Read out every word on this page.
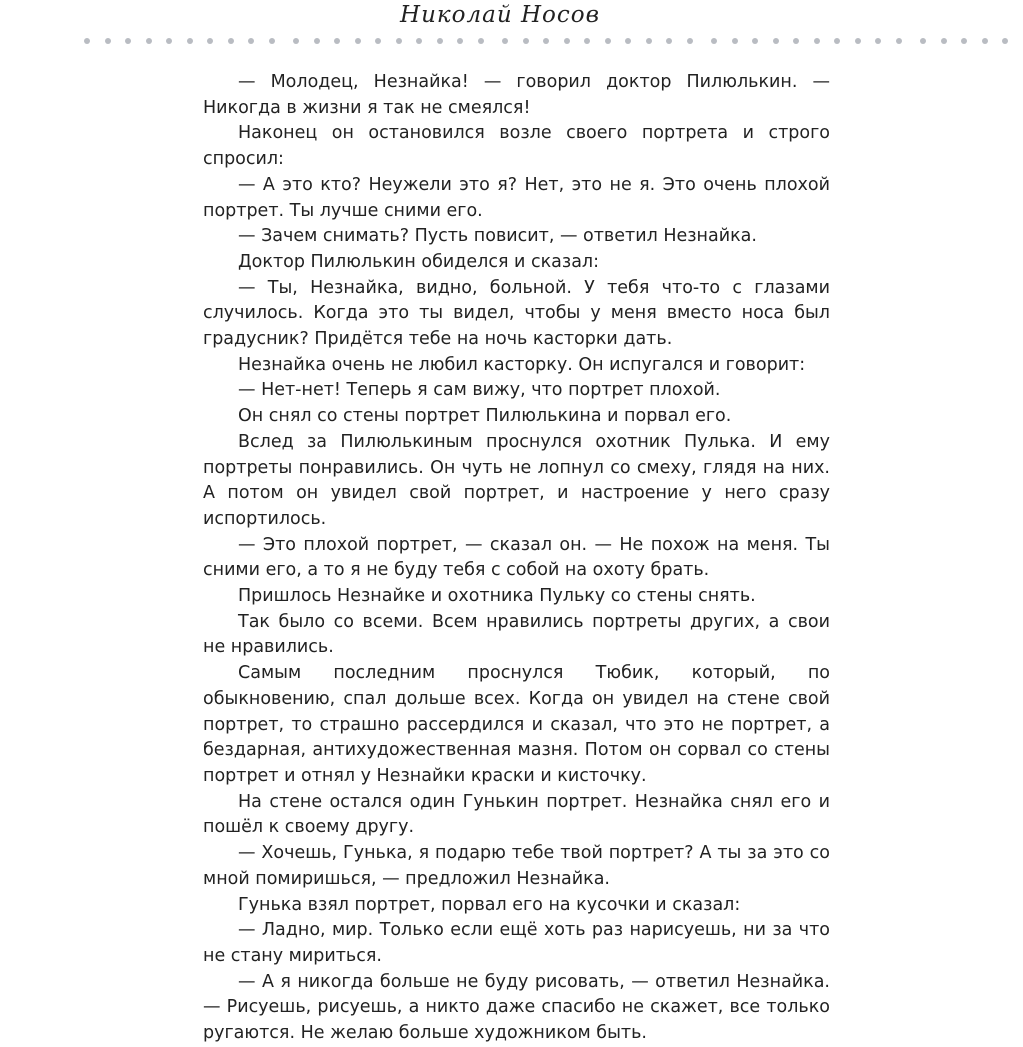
Николай Носов

— Молодец, Незнайка! — говорил доктор Пилюлькин. — Никогда в жизни я так не смеялся!

Наконец он остановился возле своего портрета и строго спросил:

— А это кто? Неужели это я? Нет, это не я. Это очень плохой портрет. Ты лучше сними его.

— Зачем снимать? Пусть повисит, — ответил Незнайка.

Доктор Пилюлькин обиделся и сказал:

— Ты, Незнайка, видно, больной. У тебя что-то с глазами случилось. Когда это ты видел, чтобы у меня вместо носа был градусник? Придётся тебе на ночь касторки дать.

Незнайка очень не любил касторку. Он испугался и говорит:

— Нет-нет! Теперь я сам вижу, что портрет плохой.

Он снял со стены портрет Пилюлькина и порвал его.

Вслед за Пилюлькиным проснулся охотник Пулька. И ему портреты понравились. Он чуть не лопнул со смеху, глядя на них. А потом он увидел свой портрет, и настроение у него сразу испортилось.

— Это плохой портрет, — сказал он. — Не похож на меня. Ты сними его, а то я не буду тебя с собой на охоту брать.

Пришлось Незнайке и охотника Пульку со стены снять.

Так было со всеми. Всем нравились портреты других, а свои не нравились.

Самым последним проснулся Тюбик, который, по обыкновению, спал дольше всех. Когда он увидел на стене свой портрет, то страшно рассердился и сказал, что это не портрет, а бездарная, антихудожественная мазня. Потом он сорвал со стены портрет и отнял у Незнайки краски и кисточку.

На стене остался один Гунькин портрет. Незнайка снял его и пошёл к своему другу.

— Хочешь, Гунька, я подарю тебе твой портрет? А ты за это со мной помиришься, — предложил Незнайка.

Гунька взял портрет, порвал его на кусочки и сказал:

— Ладно, мир. Только если ещё хоть раз нарисуешь, ни за что не стану мириться.

— А я никогда больше не буду рисовать, — ответил Незнайка. — Рисуешь, рисуешь, а никто даже спасибо не скажет, все только ругаются. Не желаю больше художником быть.
